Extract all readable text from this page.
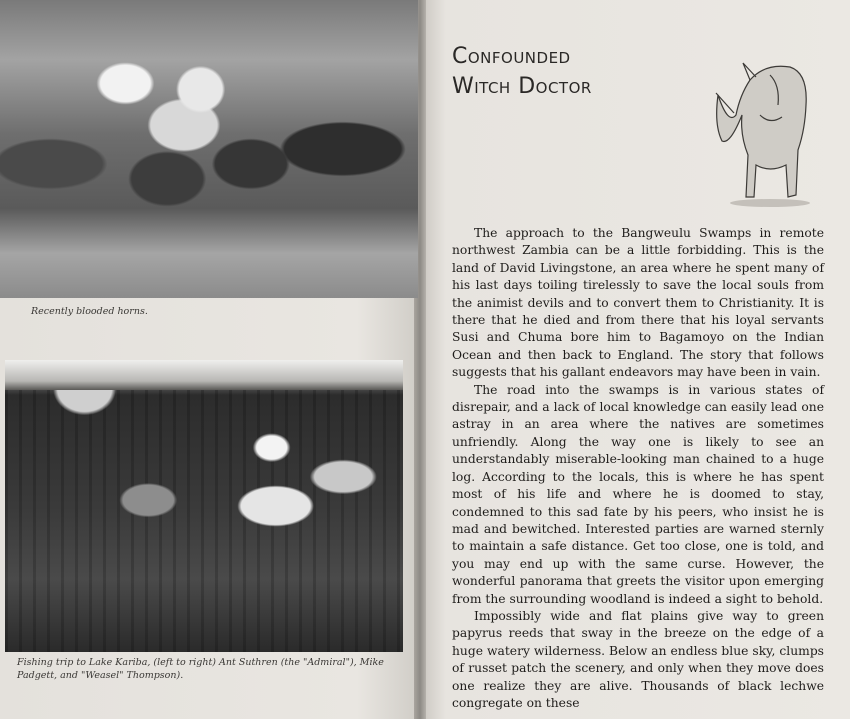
Recently blooded horns.
Fishing trip to Lake Kariba, (left to right) Ant Suthren (the "Admiral"), Mike Padgett, and "Weasel" Thompson).
Confounded
Witch Doctor

The approach to the Bangweulu Swamps in remote northwest Zambia can be a little forbidding. This is the land of David Livingstone, an area where he spent many of his last days toiling tirelessly to save the local souls from the animist devils and to convert them to Christianity. It is there that he died and from there that his loyal servants Susi and Chuma bore him to Bagamoyo on the Indian Ocean and then back to England. The story that follows suggests that his gallant endeavors may have been in vain.

The road into the swamps is in various states of disrepair, and a lack of local knowledge can easily lead one astray in an area where the natives are sometimes unfriendly. Along the way one is likely to see an understandably miserable-looking man chained to a huge log. According to the locals, this is where he has spent most of his life and where he is doomed to stay, condemned to this sad fate by his peers, who insist he is mad and bewitched. Interested parties are warned sternly to maintain a safe distance. Get too close, one is told, and you may end up with the same curse. However, the wonderful panorama that greets the visitor upon emerging from the surrounding woodland is indeed a sight to behold.

Impossibly wide and flat plains give way to green papyrus reeds that sway in the breeze on the edge of a huge watery wilderness. Below an endless blue sky, clumps of russet patch the scenery, and only when they move does one realize they are alive. Thousands of black lechwe congregate on these
